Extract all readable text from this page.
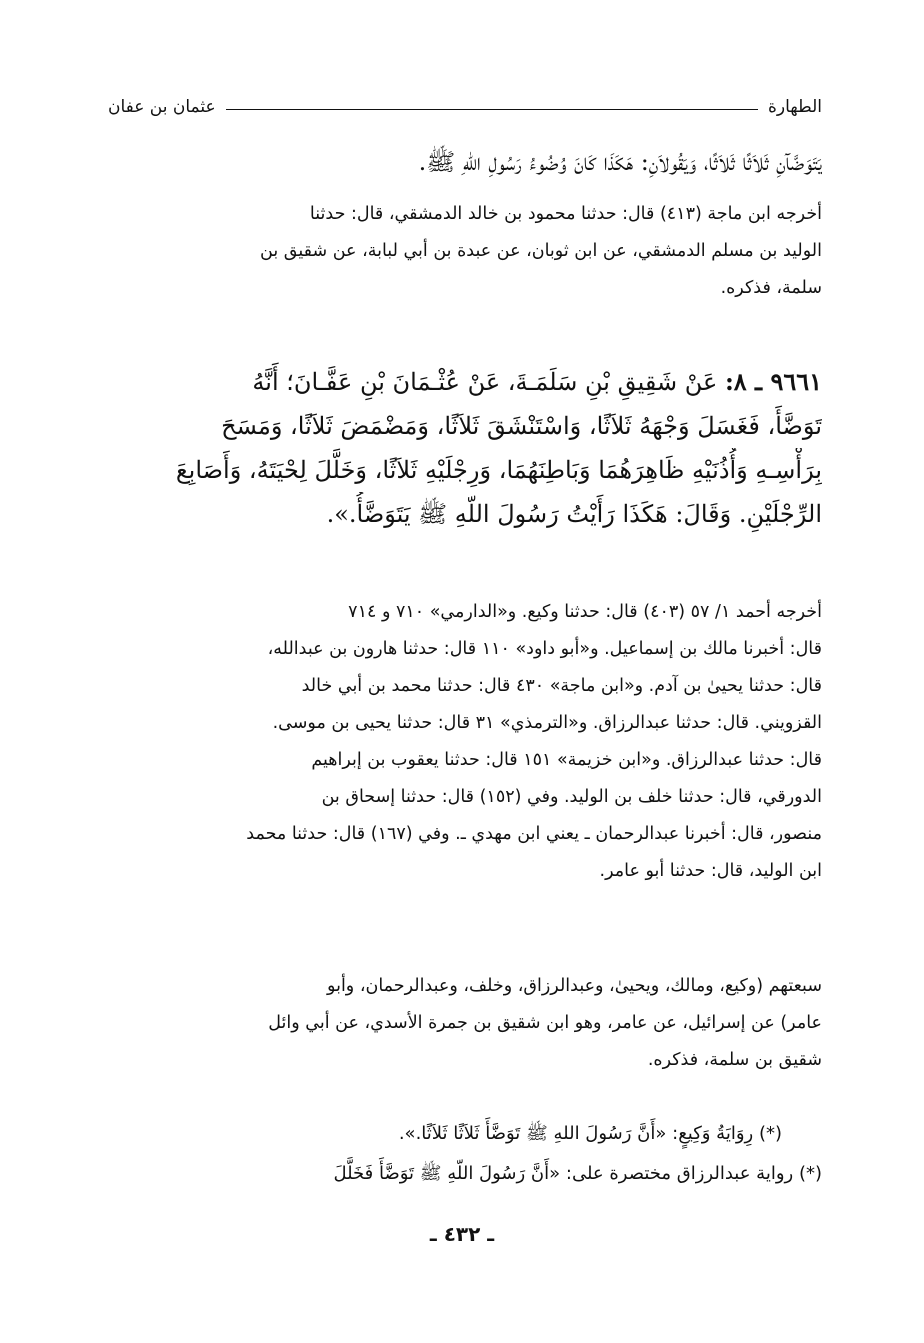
الطهارة
عثمان بن عفان
يَتَوَضَّآنِ ثَلاَثًا ثَلاَثًا، وَيَقُولاَنِ: هَكَذَا كَانَ وُضُوءُ رَسُولِ اللّهِ ﷺ.
أخرجه ابن ماجة (٤١٣) قال: حدثنا محمود بن خالد الدمشقي، قال: حدثنا
الوليد بن مسلم الدمشقي، عن ابن ثوبان، عن عبدة بن أبي لبابة، عن شقيق بن
سلمة، فذكره.
٩٦٦١ ـ ٨: عَنْ شَقِيقِ بْنِ سَلَمَـةَ، عَنْ عُثْـمَانَ بْنِ عَفَّـانَ؛ أَنَّهُ
تَوَضَّأَ، فَغَسَلَ وَجْهَهُ ثَلاَثًا، وَاسْتَنْشَقَ ثَلاَثًا، وَمَضْمَضَ ثَلاَثًا، وَمَسَحَ
بِرَأْسِـهِ وَأُذُنَيْهِ ظَاهِرَهُمَا وَبَاطِنَهُمَا، وَرِجْلَيْهِ ثَلاَثًا، وَخَلَّلَ لِحْيَتَهُ، وَأَصَابِعَ
الرِّجْلَيْنِ. وَقَالَ: هَكَذَا رَأَيْتُ رَسُولَ اللّهِ ﷺ يَتَوَضَّأُ.».
أخرجه أحمد ١/ ٥٧ (٤٠٣) قال: حدثنا وكيع. و«الدارمي» ٧١٠ و ٧١٤
قال: أخبرنا مالك بن إسماعيل. و«أبو داود» ١١٠ قال: حدثنا هارون بن عبدالله،
قال: حدثنا يحيىٰ بن آدم. و«ابن ماجة» ٤٣٠ قال: حدثنا محمد بن أبي خالد
القزويني. قال: حدثنا عبدالرزاق. و«الترمذي» ٣١ قال: حدثنا يحيى بن موسى.
قال: حدثنا عبدالرزاق. و«ابن خزيمة» ١٥١ قال: حدثنا يعقوب بن إبراهيم
الدورقي، قال: حدثنا خلف بن الوليد. وفي (١٥٢) قال: حدثنا إسحاق بن
منصور، قال: أخبرنا عبدالرحمان ـ يعني ابن مهدي ـ. وفي (١٦٧) قال: حدثنا محمد
ابن الوليد، قال: حدثنا أبو عامر.
سبعتهم (وكيع، ومالك، ويحيىٰ، وعبدالرزاق، وخلف، وعبدالرحمان، وأبو
عامر) عن إسرائيل، عن عامر، وهو ابن شقيق بن جمرة الأسدي، عن أبي وائل
شقيق بن سلمة، فذكره.
(*) رِوَايَةُ وَكِيعٍ: «أَنَّ رَسُولَ اللهِ ﷺ تَوَضَّأَ ثَلاَثًا ثَلاَثًا.».
(*) رواية عبدالرزاق مختصرة على: «أَنَّ رَسُولَ اللّهِ ﷺ تَوَضَّأَ فَخَلَّلَ
ـ ٤٣٢ ـ
